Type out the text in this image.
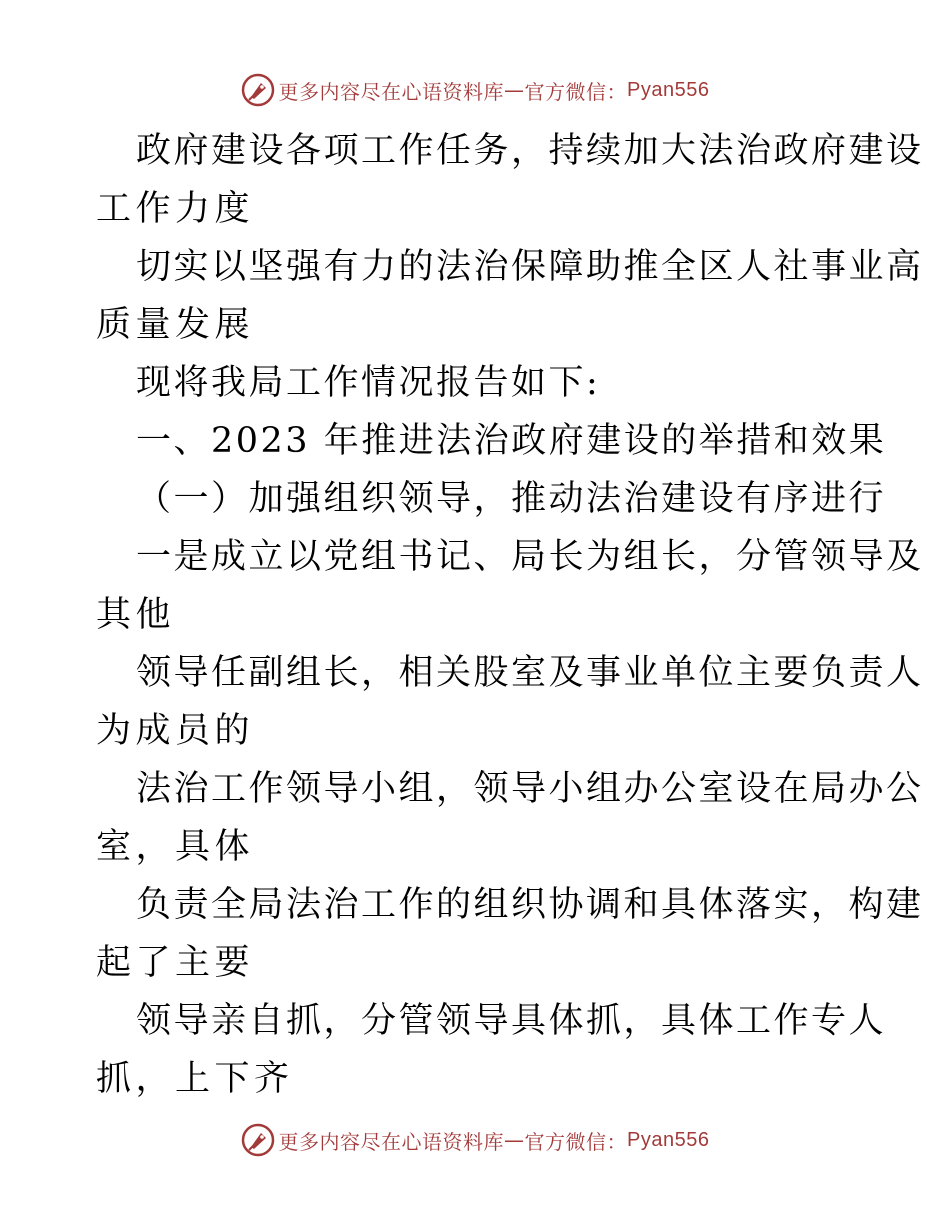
更多内容尽在心语资料库 — 官方微信： Pyan556
政府建设各项工作任务，持续加大法治政府建设
工作力度
切实以坚强有力的法治保障助推全区人社事业高
质量发展
现将我局工作情况报告如下:
一、2023 年推进法治政府建设的举措和效果
（一）加强组织领导，推动法治建设有序进行
一是成立以党组书记、局长为组长，分管领导及
其他
领导任副组长，相关股室及事业单位主要负责人
为成员的
法治工作领导小组，领导小组办公室设在局办公
室，具体
负责全局法治工作的组织协调和具体落实，构建
起了主要
领导亲自抓，分管领导具体抓，具体工作专人
抓，上下齐
更多内容尽在心语资料库 — 官方微信： Pyan556
